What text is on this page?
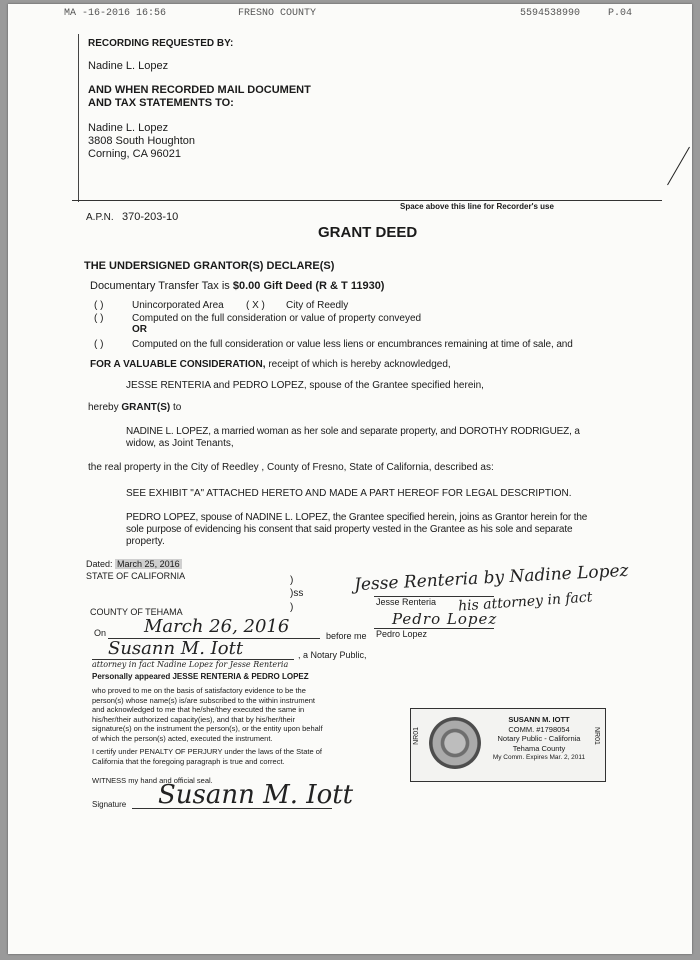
MA -16-2016 16:56	FRESNO COUNTY	5594538990	P.04
RECORDING REQUESTED BY:
Nadine L. Lopez
AND WHEN RECORDED MAIL DOCUMENT
AND TAX STATEMENTS TO:
Nadine L. Lopez
3808 South Houghton
Corning, CA 96021
Space above this line for Recorder's use
A.P.N. 370-203-10
GRANT DEED
THE UNDERSIGNED GRANTOR(S) DECLARE(S)
Documentary Transfer Tax is $0.00 Gift Deed (R & T 11930)
( )	Unincorporated Area ( X ) City of Reedly
( )	Computed on the full consideration or value of property conveyed
OR
( )	Computed on the full consideration or value less liens or encumbrances remaining at time of sale, and
FOR A VALUABLE CONSIDERATION, receipt of which is hereby acknowledged,
JESSE RENTERIA and PEDRO LOPEZ, spouse of the Grantee specified herein,
hereby GRANT(S) to
NADINE L. LOPEZ, a married woman as her sole and separate property, and DOROTHY RODRIGUEZ, a
widow, as Joint Tenants,
the real property in the City of Reedley , County of Fresno, State of California, described as:
SEE EXHIBIT "A" ATTACHED HERETO AND MADE A PART HEREOF FOR LEGAL DESCRIPTION.
PEDRO LOPEZ, spouse of NADINE L. LOPEZ, the Grantee specified herein, joins as Grantor herein for the
sole purpose of evidencing his consent that said property vested in the Grantee as his sole and separate
property.
Dated: March 25, 2016
STATE OF CALIFORNIA	)
)ss
)
COUNTY OF TEHAMA
On March 26, 2016	before me
Susann M. Iott	, a Notary Public,
attorney in fact Nadine Lopez for Jesse Renteria
Personally appeared JESSE RENTERIA & PEDRO LOPEZ
who proved to me on the basis of satisfactory evidence to be the
person(s) whose name(s) is/are subscribed to the within instrument
and acknowledged to me that he/she/they executed the same in
his/her/their authorized capacity(ies), and that by his/her/their
signature(s) on the instrument the person(s), or the entity upon behalf
of which the person(s) acted, executed the instrument.
I certify under PENALTY OF PERJURY under the laws of the State of
California that the foregoing paragraph is true and correct.
WITNESS my hand and official seal.
Signature Susann M. Iott
Jesse Renteria by Nadine Lopez
Jesse Renteria his attorney in fact
Pedro Lopez
Pedro Lopez
NR01	NR01
SUSANN M. IOTT
COMM. #1798054
Notary Public - California
Tehama County
My Comm. Expires Mar. 2, 2011
